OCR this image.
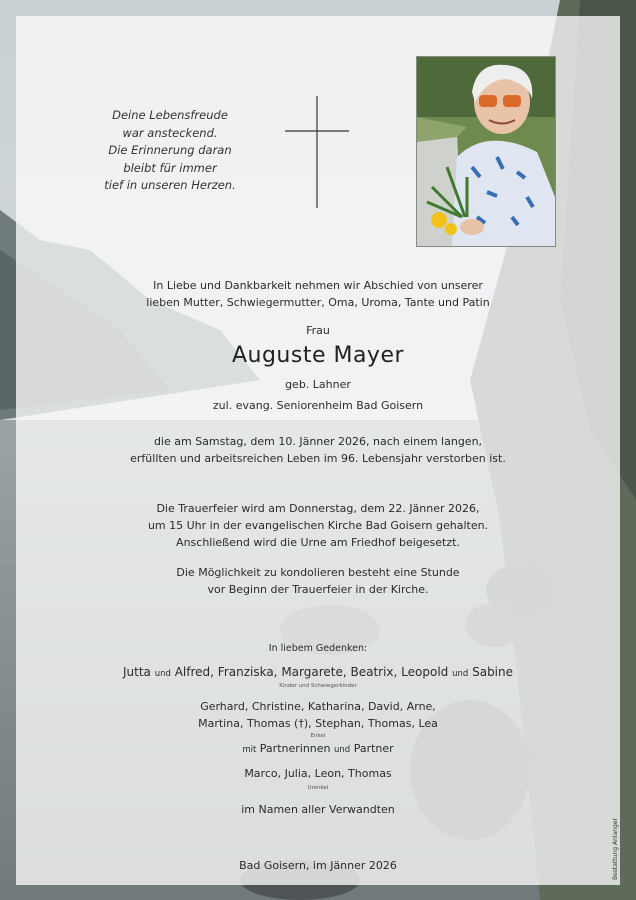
Deine Lebensfreude
war ansteckend.
Die Erinnerung daran
bleibt für immer
tief in unseren Herzen.
In Liebe und Dankbarkeit nehmen wir Abschied von unserer
lieben Mutter, Schwiegermutter, Oma, Uroma, Tante und Patin
Frau
Auguste Mayer
geb. Lahner
zul. evang. Seniorenheim Bad Goisern
die am Samstag, dem 10. Jänner 2026, nach einem langen,
erfüllten und arbeitsreichen Leben im 96. Lebensjahr verstorben ist.
Die Trauerfeier wird am Donnerstag, dem 22. Jänner 2026,
um 15 Uhr in der evangelischen Kirche Bad Goisern gehalten.
Anschließend wird die Urne am Friedhof beigesetzt.
Die Möglichkeit zu kondolieren besteht eine Stunde
vor Beginn der Trauerfeier in der Kirche.
In liebem Gedenken:
Jutta und Alfred, Franziska, Margarete, Beatrix, Leopold und Sabine
Kinder und Schwiegerkinder
Gerhard, Christine, Katharina, David, Arne,
Martina, Thomas (†), Stephan, Thomas, Lea
Enkel
mit Partnerinnen und Partner
Marco, Julia, Leon, Thomas
Urenkel
im Namen aller Verwandten
Bad Goisern, im Jänner 2026	Bestattung Anlanger
